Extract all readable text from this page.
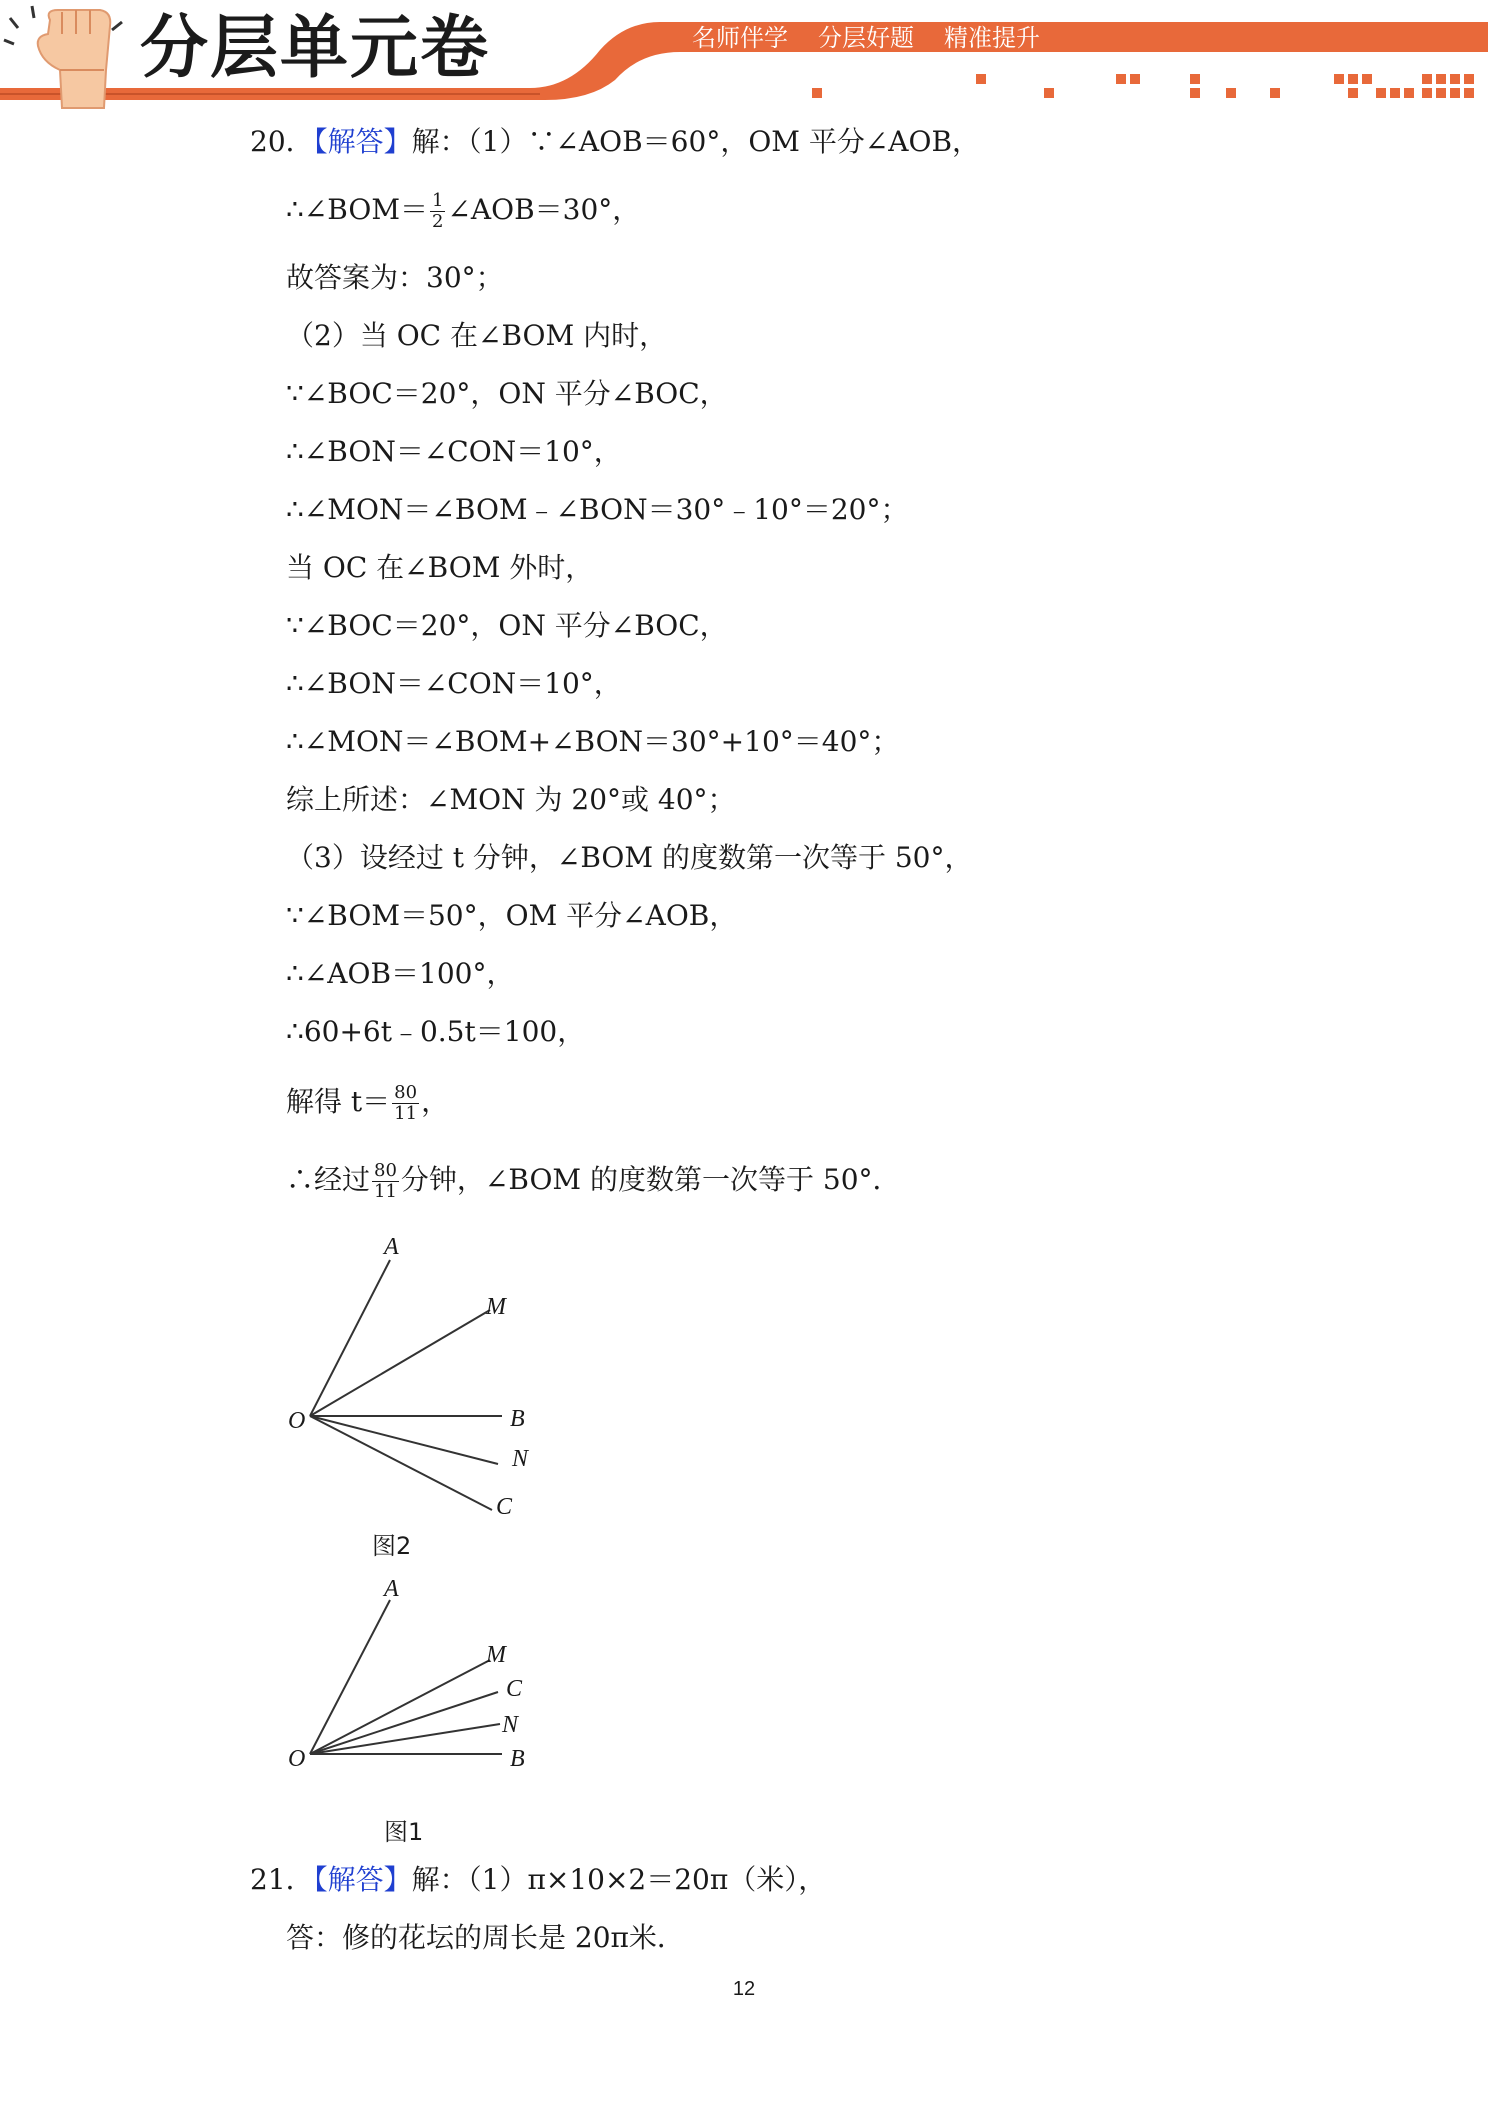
分层单元卷	名师伴学 分层好题 精准提升
20．【解答】解：（1）∵∠AOB＝60°，OM 平分∠AOB，
∴∠BOM＝ $\frac{1}{2}$ ∠AOB＝30°，
故答案为：30°；
（2）当 OC 在∠BOM 内时，
∵∠BOC＝20°，ON 平分∠BOC，
∴∠BON＝∠CON＝10°，
∴∠MON＝∠BOM﹣∠BON＝30°﹣10°＝20°；
当 OC 在∠BOM 外时，
∵∠BOC＝20°，ON 平分∠BOC，
∴∠BON＝∠CON＝10°，
∴∠MON＝∠BOM+∠BON＝30°+10°＝40°；
综上所述：∠MON 为 20°或 40°；
（3）设经过 t 分钟，∠BOM 的度数第一次等于 50°，
∵∠BOM＝50°，OM 平分∠AOB，
∴∠AOB＝100°，
∴60+6t﹣0.5t＝100，
解得 $t= \frac{80}{11}$ ，
∴经过 $\frac{80}{11}$ 分钟，∠BOM 的度数第一次等于 50°．
A
M
B
N
C
O
图2
A
M
C
N
B
O
图1
21．【解答】解：（1）π×10×2＝20π（米），
答：修的花坛的周长是 20π米．
12
